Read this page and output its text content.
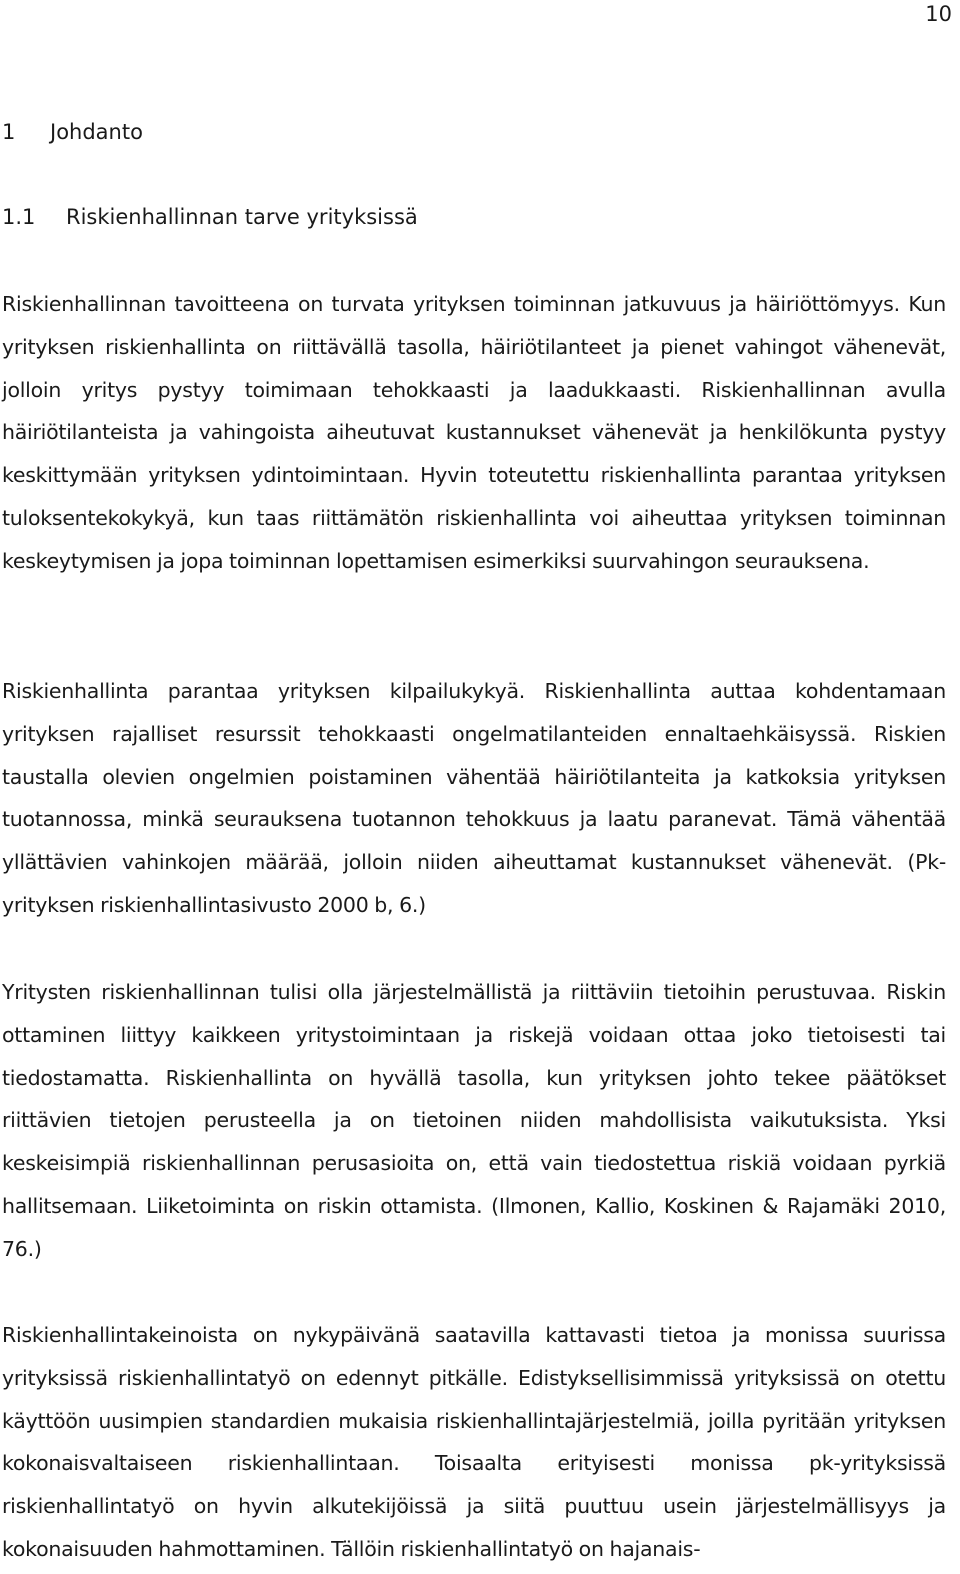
10
1 Johdanto
1.1 Riskienhallinnan tarve yrityksissä

Riskienhallinnan tavoitteena on turvata yrityksen toiminnan jatkuvuus ja häiriöttömyys. Kun yrityksen riskienhallinta on riittävällä tasolla, häiriötilanteet ja pienet vahingot vähenevät, jolloin yritys pystyy toimimaan tehokkaasti ja laadukkaasti. Riskienhallinnan avulla häiriötilanteista ja vahingoista aiheutuvat kustannukset vähenevät ja henkilökunta pystyy keskittymään yrityksen ydintoimintaan. Hyvin toteutettu riskienhallinta parantaa yrityksen tuloksentekokykyä, kun taas riittämätön riskienhallinta voi aiheuttaa yrityksen toiminnan keskeytymisen ja jopa toiminnan lopettamisen esimerkiksi suurvahingon seurauksena.

Riskienhallinta parantaa yrityksen kilpailukykyä. Riskienhallinta auttaa kohdentamaan yrityksen rajalliset resurssit tehokkaasti ongelmatilanteiden ennaltaehkäisyssä. Riskien taustalla olevien ongelmien poistaminen vähentää häiriötilanteita ja katkoksia yrityksen tuotannossa, minkä seurauksena tuotannon tehokkuus ja laatu paranevat. Tämä vähentää yllättävien vahinkojen määrää, jolloin niiden aiheuttamat kustannukset vähenevät. (Pk-yrityksen riskienhallintasivusto 2000 b, 6.)

Yritysten riskienhallinnan tulisi olla järjestelmällistä ja riittäviin tietoihin perustuvaa. Riskin ottaminen liittyy kaikkeen yritystoimintaan ja riskejä voidaan ottaa joko tietoisesti tai tiedostamatta. Riskienhallinta on hyvällä tasolla, kun yrityksen johto tekee päätökset riittävien tietojen perusteella ja on tietoinen niiden mahdollisista vaikutuksista. Yksi keskeisimpiä riskienhallinnan perusasioita on, että vain tiedostettua riskiä voidaan pyrkiä hallitsemaan. Liiketoiminta on riskin ottamista. (Ilmonen, Kallio, Koskinen & Rajamäki 2010, 76.)

Riskienhallintakeinoista on nykypäivänä saatavilla kattavasti tietoa ja monissa suurissa yrityksissä riskienhallintatyö on edennyt pitkälle. Edistyksellisimmissä yrityksissä on otettu käyttöön uusimpien standardien mukaisia riskienhallintajärjestelmiä, joilla pyritään yrityksen kokonaisvaltaiseen riskienhallintaan. Toisaalta erityisesti monissa pk-yrityksissä riskienhallintatyö on hyvin alkutekijöissä ja siitä puuttuu usein järjestelmällisyys ja kokonaisuuden hahmottaminen. Tällöin riskienhallintatyö on hajanais-
